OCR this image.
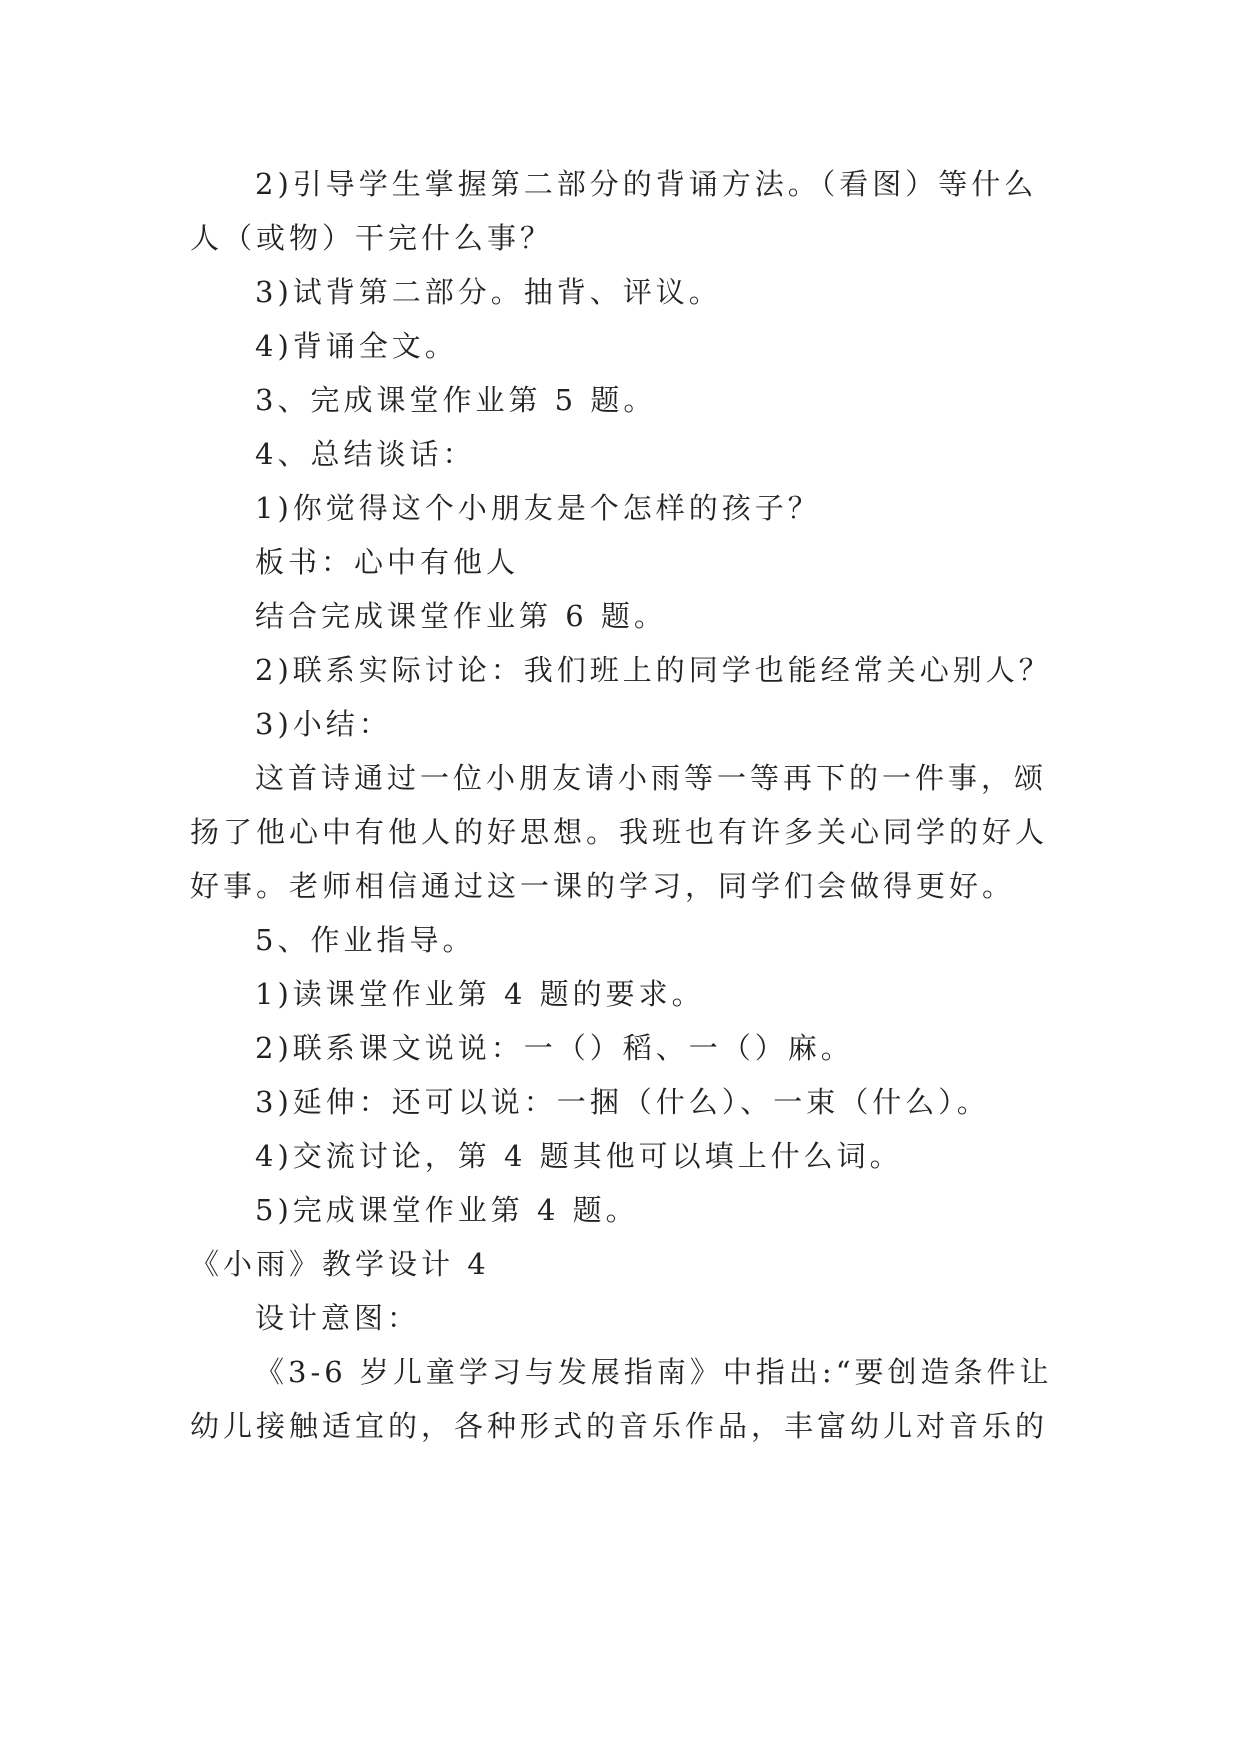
2)引导学生掌握第二部分的背诵方法。（看图）等什么
人（或物）干完什么事？
3)试背第二部分。抽背、评议。
4)背诵全文。
3、完成课堂作业第 5 题。
4、总结谈话：
1)你觉得这个小朋友是个怎样的孩子？
板书：心中有他人
结合完成课堂作业第 6 题。
2)联系实际讨论：我们班上的同学也能经常关心别人？
3)小结：
这首诗通过一位小朋友请小雨等一等再下的一件事，颂
扬了他心中有他人的好思想。我班也有许多关心同学的好人
好事。老师相信通过这一课的学习，同学们会做得更好。
5、作业指导。
1)读课堂作业第 4 题的要求。
2)联系课文说说：一（）稻、一（）麻。
3)延伸：还可以说：一捆（什么）、一束（什么）。
4)交流讨论，第 4 题其他可以填上什么词。
5)完成课堂作业第 4 题。
《小雨》教学设计 4
设计意图：
《3-6 岁儿童学习与发展指南》中指出:“要创造条件让
幼儿接触适宜的，各种形式的音乐作品，丰富幼儿对音乐的
